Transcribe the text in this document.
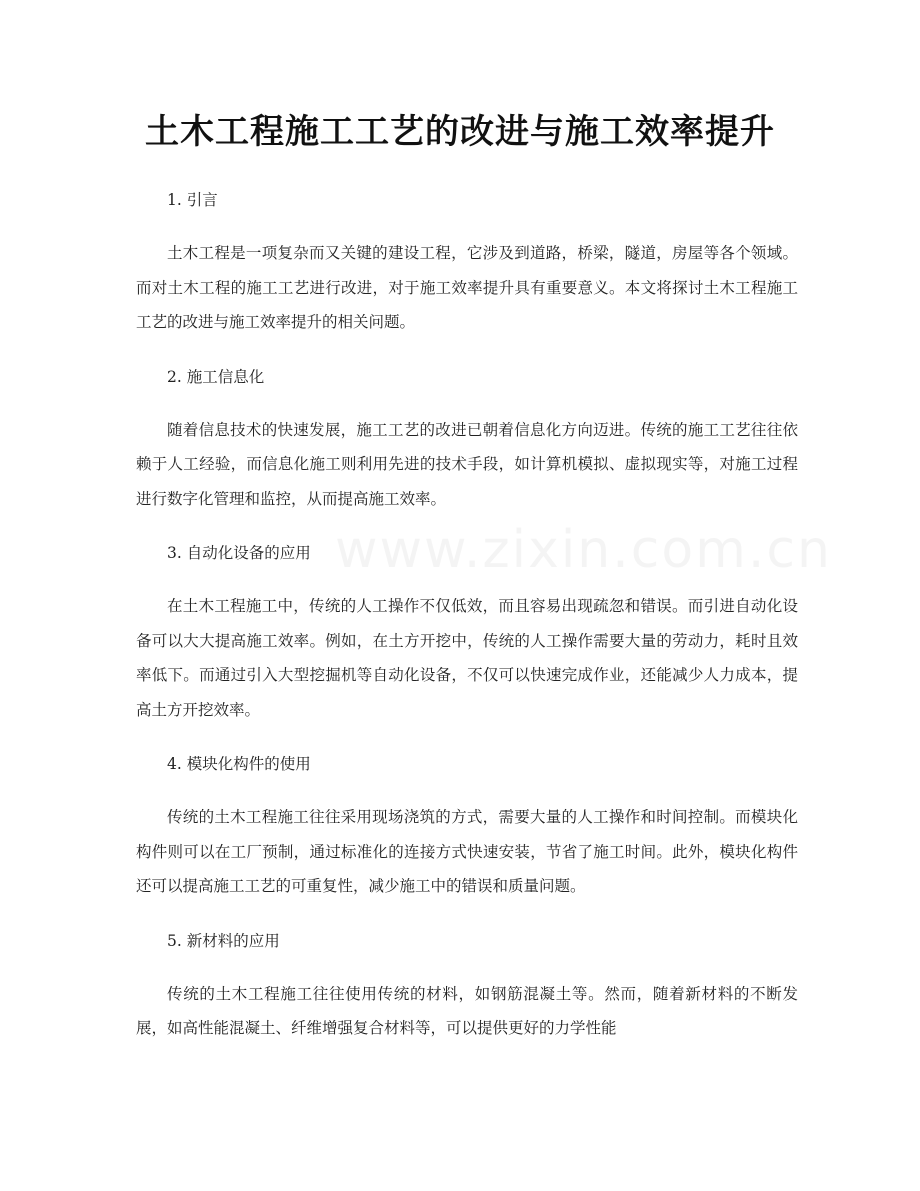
www.zixin.com.cn
土木工程施工工艺的改进与施工效率提升
1. 引言

土木工程是一项复杂而又关键的建设工程，它涉及到道路，桥梁，隧道，房屋等各个领域。而对土木工程的施工工艺进行改进，对于施工效率提升具有重要意义。本文将探讨土木工程施工工艺的改进与施工效率提升的相关问题。

2. 施工信息化

随着信息技术的快速发展，施工工艺的改进已朝着信息化方向迈进。传统的施工工艺往往依赖于人工经验，而信息化施工则利用先进的技术手段，如计算机模拟、虚拟现实等，对施工过程进行数字化管理和监控，从而提高施工效率。

3. 自动化设备的应用

在土木工程施工中，传统的人工操作不仅低效，而且容易出现疏忽和错误。而引进自动化设备可以大大提高施工效率。例如，在土方开挖中，传统的人工操作需要大量的劳动力，耗时且效率低下。而通过引入大型挖掘机等自动化设备，不仅可以快速完成作业，还能减少人力成本，提高土方开挖效率。

4. 模块化构件的使用

传统的土木工程施工往往采用现场浇筑的方式，需要大量的人工操作和时间控制。而模块化构件则可以在工厂预制，通过标准化的连接方式快速安装，节省了施工时间。此外，模块化构件还可以提高施工工艺的可重复性，减少施工中的错误和质量问题。

5. 新材料的应用

传统的土木工程施工往往使用传统的材料，如钢筋混凝土等。然而，随着新材料的不断发展，如高性能混凝土、纤维增强复合材料等，可以提供更好的力学性能
